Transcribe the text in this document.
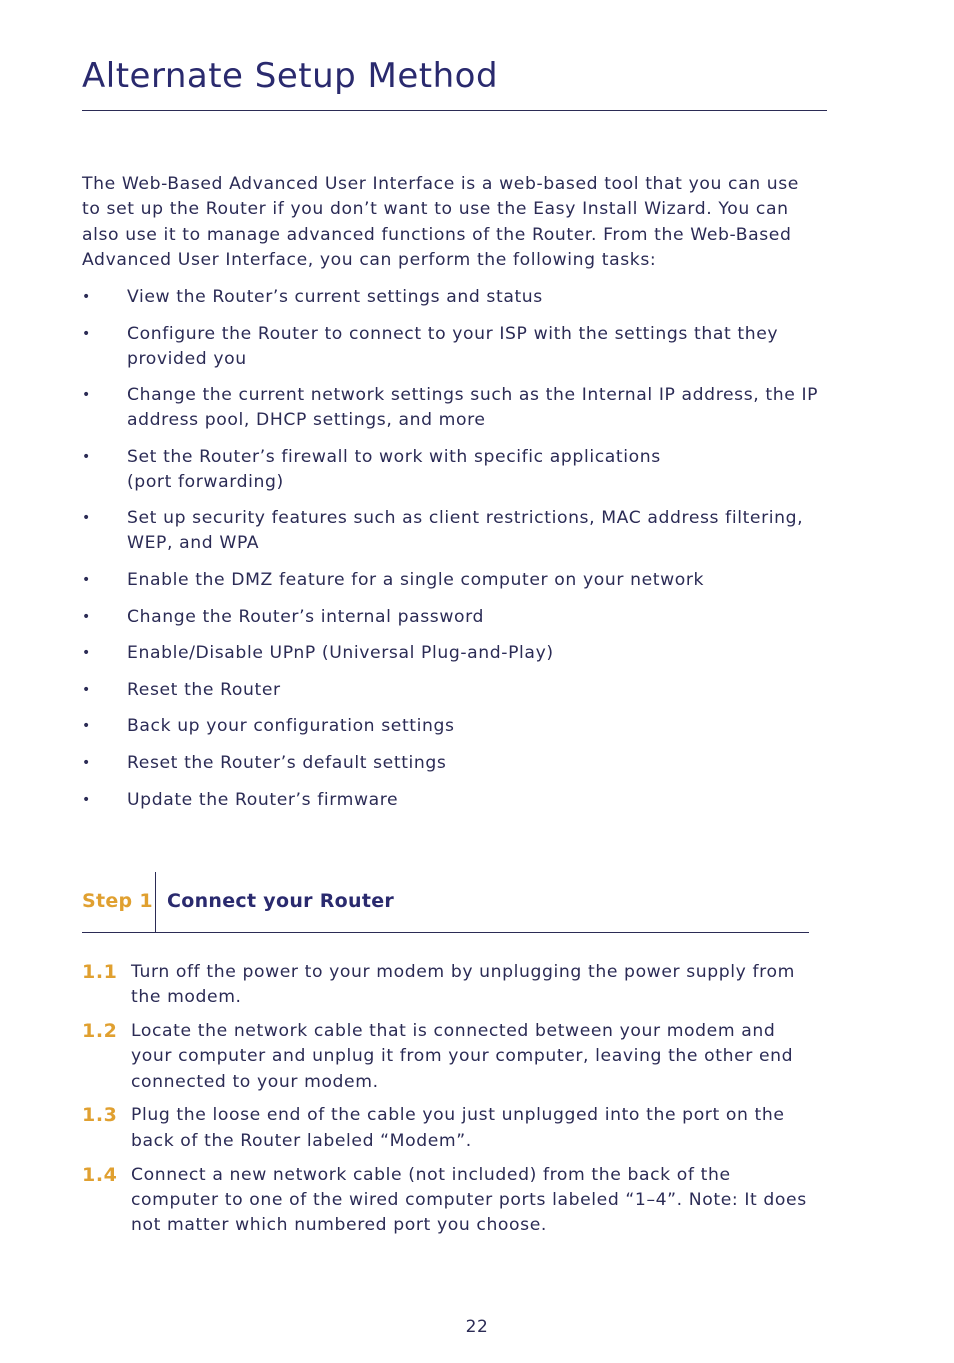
Alternate Setup Method

The Web-Based Advanced User Interface is a web-based tool that you can use to set up the Router if you don’t want to use the Easy Install Wizard. You can also use it to manage advanced functions of the Router. From the Web-Based Advanced User Interface, you can perform the following tasks:

• View the Router’s current settings and status
• Configure the Router to connect to your ISP with the settings that they provided you
• Change the current network settings such as the Internal IP address, the IP address pool, DHCP settings, and more
• Set the Router’s firewall to work with specific applications
(port forwarding)
• Set up security features such as client restrictions, MAC address filtering, WEP, and WPA
• Enable the DMZ feature for a single computer on your network
• Change the Router’s internal password
• Enable/Disable UPnP (Universal Plug-and-Play)
• Reset the Router
• Back up your configuration settings
• Reset the Router’s default settings
• Update the Router’s firmware
Step 1 Connect your Router
1.1 Turn off the power to your modem by unplugging the power supply from the modem.
1.2 Locate the network cable that is connected between your modem and your computer and unplug it from your computer, leaving the other end connected to your modem.
1.3 Plug the loose end of the cable you just unplugged into the port on the back of the Router labeled “Modem”.
1.4 Connect a new network cable (not included) from the back of the computer to one of the wired computer ports labeled “1–4”. Note: It does not matter which numbered port you choose.
22
